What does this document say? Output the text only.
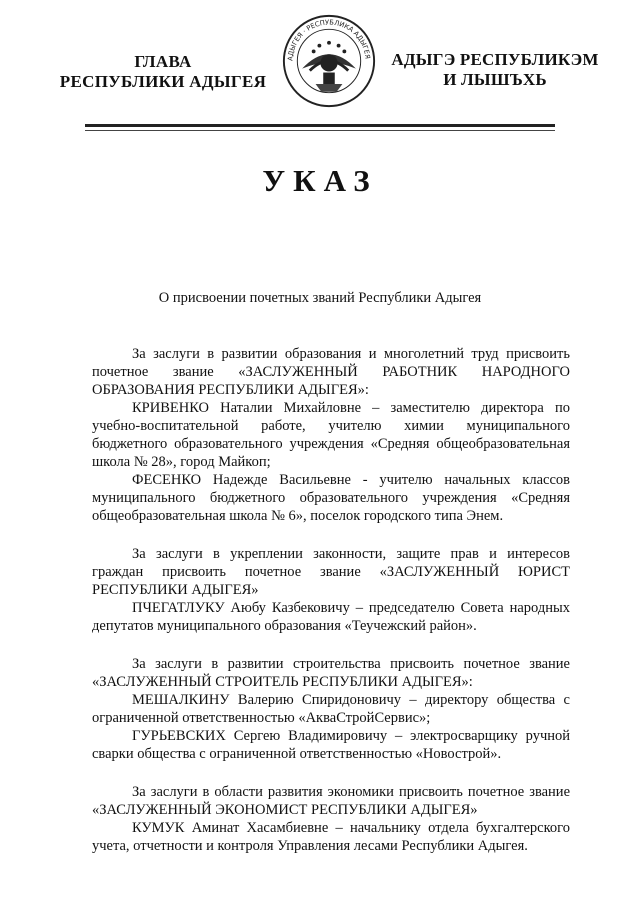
ГЛАВА
РЕСПУБЛИКИ АДЫГЕЯ
АДЫГЕЯ · РЕСПУБЛИКА АДЫГЕЯ АДЫГЭ РЕСПУБЛИКЭМ
И ЛЫШЪХЬ
УКАЗ
О присвоении почетных званий Республики Адыгея

За заслуги в развитии образования и многолетний труд присвоить почетное звание «ЗАСЛУЖЕННЫЙ РАБОТНИК НАРОДНОГО ОБРАЗОВАНИЯ РЕСПУБЛИКИ АДЫГЕЯ»:

КРИВЕНКО Наталии Михайловне – заместителю директора по учебно-воспитательной работе, учителю химии муниципального бюджетного образовательного учреждения «Средняя общеобразовательная школа № 28», город Майкоп;

ФЕСЕНКО Надежде Васильевне - учителю начальных классов муниципального бюджетного образовательного учреждения «Средняя общеобразовательная школа № 6», поселок городского типа Энем.

За заслуги в укреплении законности, защите прав и интересов граждан присвоить почетное звание «ЗАСЛУЖЕННЫЙ ЮРИСТ РЕСПУБЛИКИ АДЫГЕЯ»

ПЧЕГАТЛУКУ Аюбу Казбековичу – председателю Совета народных депутатов муниципального образования «Теучежский район».

За заслуги в развитии строительства присвоить почетное звание «ЗАСЛУЖЕННЫЙ СТРОИТЕЛЬ РЕСПУБЛИКИ АДЫГЕЯ»:

МЕШАЛКИНУ Валерию Спиридоновичу – директору общества с ограниченной ответственностью «АкваСтройСервис»;

ГУРЬЕВСКИХ Сергею Владимировичу – электросварщику ручной сварки общества с ограниченной ответственностью «Новострой».

За заслуги в области развития экономики присвоить почетное звание «ЗАСЛУЖЕННЫЙ ЭКОНОМИСТ РЕСПУБЛИКИ АДЫГЕЯ»

КУМУК Аминат Хасамбиевне – начальнику отдела бухгалтерского учета, отчетности и контроля Управления лесами Республики Адыгея.
